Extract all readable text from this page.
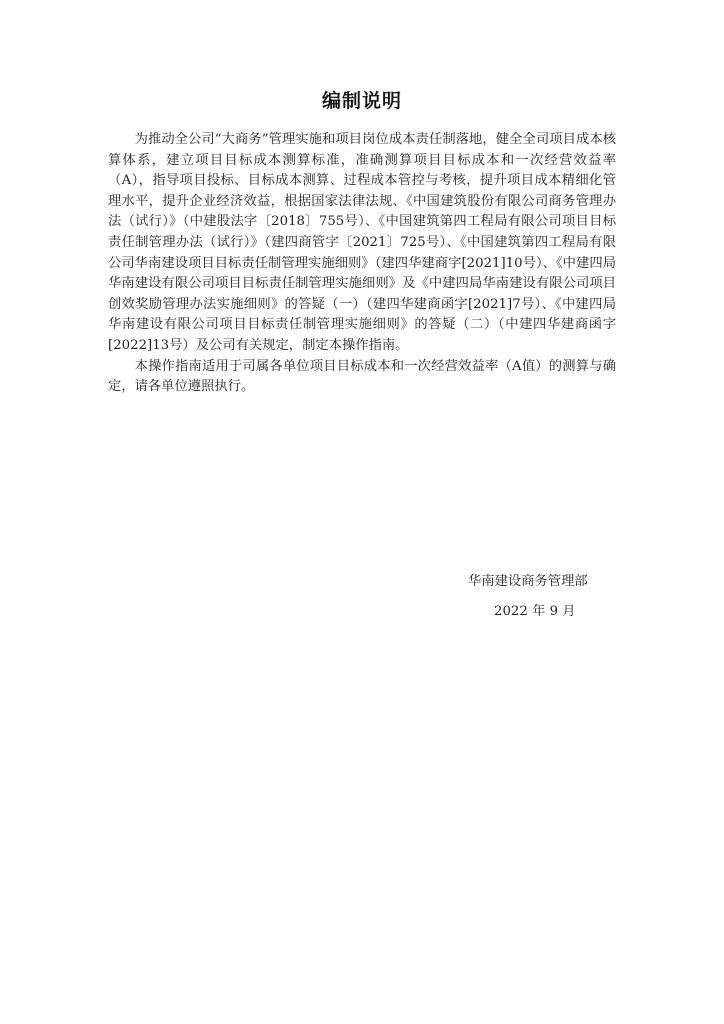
编制说明

为推动全公司“大商务”管理实施和项目岗位成本责任制落地，健全全司项目成本核算体系，建立项目目标成本测算标准，准确测算项目目标成本和一次经营效益率（A），指导项目投标、目标成本测算、过程成本管控与考核，提升项目成本精细化管理水平，提升企业经济效益，根据国家法律法规、《中国建筑股份有限公司商务管理办法（试行）》（中建股法字〔2018〕755号）、《中国建筑第四工程局有限公司项目目标责任制管理办法（试行）》（建四商管字〔2021〕725号）、《中国建筑第四工程局有限公司华南建设项目目标责任制管理实施细则》（建四华建商字[2021]10号）、《中建四局华南建设有限公司项目目标责任制管理实施细则》及《中建四局华南建设有限公司项目创效奖励管理办法实施细则》的答疑（一）（建四华建商函字[2021]7号）、《中建四局华南建设有限公司项目目标责任制管理实施细则》的答疑（二）（中建四华建商函字[2022]13号）及公司有关规定，制定本操作指南。

本操作指南适用于司属各单位项目目标成本和一次经营效益率（A值）的测算与确定，请各单位遵照执行。

华南建设商务管理部
2022 年 9 月
